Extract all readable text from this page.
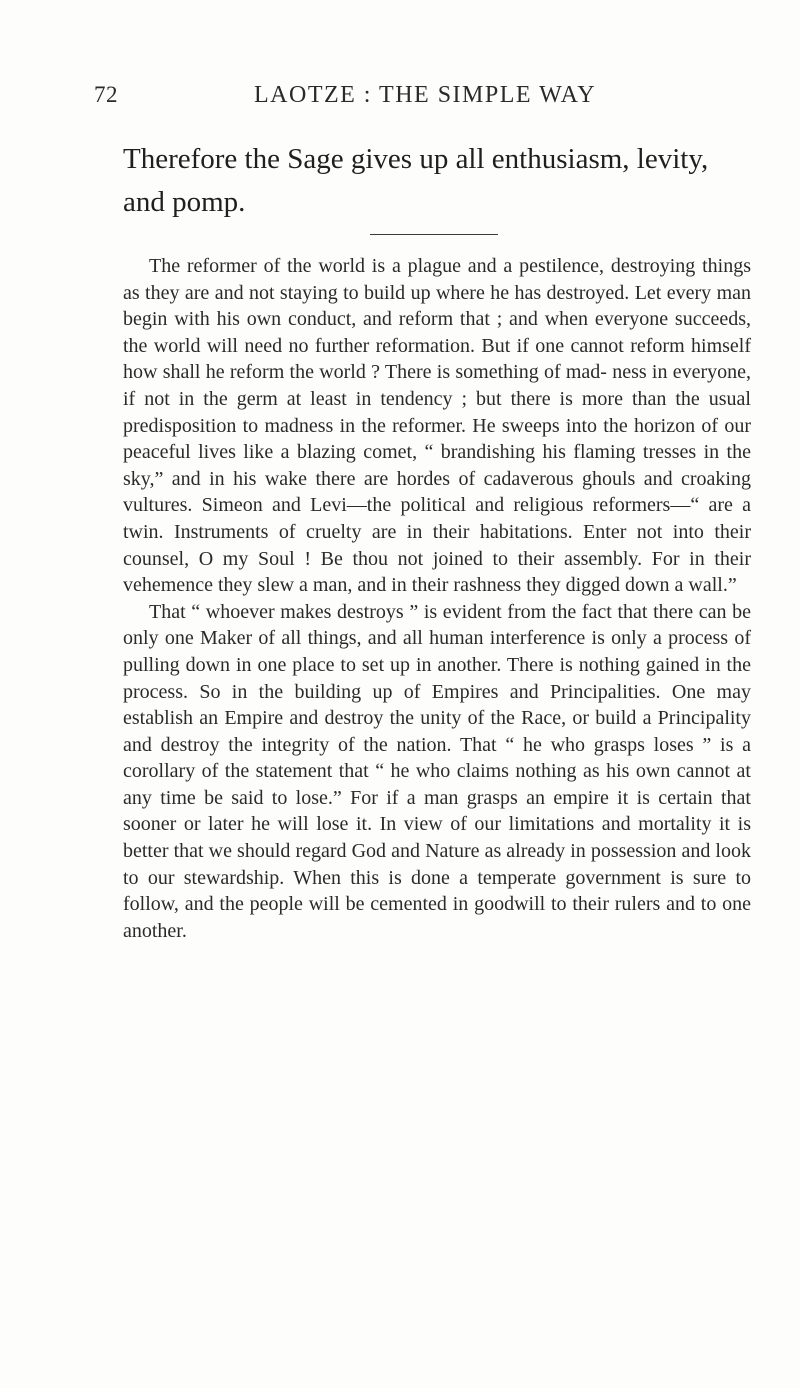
72	LAOTZE : THE SIMPLE WAY
Therefore the Sage gives up all enthusiasm, levity, and pomp.

The reformer of the world is a plague and a pestilence, destroying things as they are and not staying to build up where he has destroyed. Let every man begin with his own conduct, and reform that ; and when everyone succeeds, the world will need no further reformation. But if one cannot reform himself how shall he reform the world ? There is something of mad- ness in everyone, if not in the germ at least in tendency ; but there is more than the usual predisposition to madness in the reformer. He sweeps into the horizon of our peaceful lives like a blazing comet, “ brandishing his flaming tresses in the sky,” and in his wake there are hordes of cadaverous ghouls and croaking vultures. Simeon and Levi—the political and religious reformers—“ are a twin. Instruments of cruelty are in their habitations. Enter not into their counsel, O my Soul ! Be thou not joined to their assembly. For in their vehemence they slew a man, and in their rashness they digged down a wall.”

That “ whoever makes destroys ” is evident from the fact that there can be only one Maker of all things, and all human interference is only a process of pulling down in one place to set up in another. There is nothing gained in the process. So in the building up of Empires and Principalities. One may establish an Empire and destroy the unity of the Race, or build a Principality and destroy the integrity of the nation. That “ he who grasps loses ” is a corollary of the statement that “ he who claims nothing as his own cannot at any time be said to lose.” For if a man grasps an empire it is certain that sooner or later he will lose it. In view of our limitations and mortality it is better that we should regard God and Nature as already in possession and look to our stewardship. When this is done a temperate government is sure to follow, and the people will be cemented in goodwill to their rulers and to one another.
